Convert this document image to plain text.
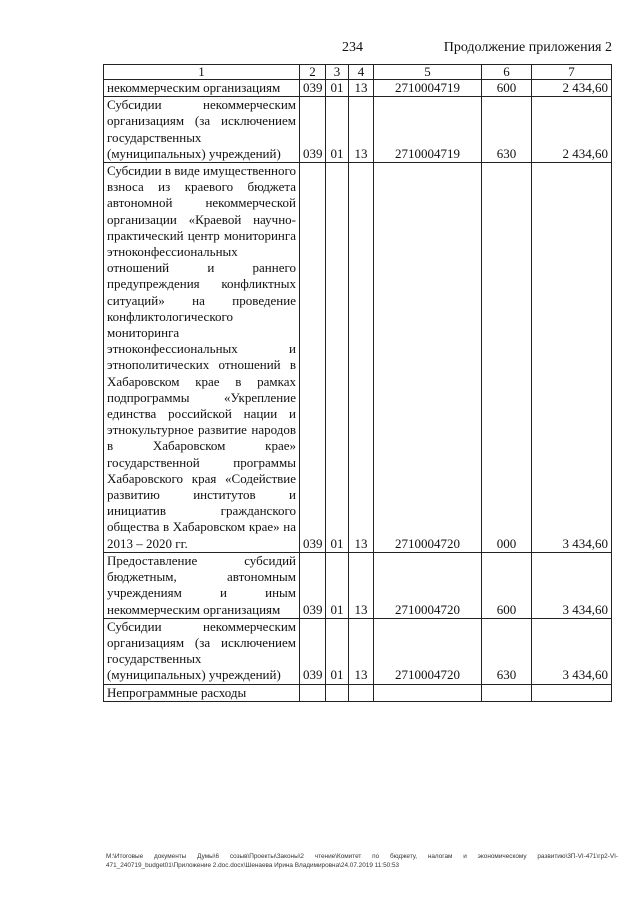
234	Продолжение приложения 2
1	2	3	4	5	6	7

некоммерческим организациям	039	01	13	2710004719	600	2 434,60

Субсидии некоммерческим организациям (за исключением государственных (муниципальных) учреждений)	039	01	13	2710004719	630	2 434,60

Субсидии в виде имущественного взноса из краевого бюджета автономной некоммерческой организации «Краевой научно-практический центр мониторинга этноконфессиональных отношений и раннего предупреждения конфликтных ситуаций» на проведение конфликтологического мониторинга этноконфессиональных и этнополитических отношений в Хабаровском крае в рамках подпрограммы «Укрепление единства российской нации и этнокультурное развитие народов в Хабаровском крае» государственной программы Хабаровского края «Содействие развитию институтов и инициатив гражданского общества в Хабаровском крае» на 2013 – 2020 гг.	039	01	13	2710004720	000	3 434,60

Предоставление субсидий бюджетным, автономным учреждениям и иным некоммерческим организациям	039	01	13	2710004720	600	3 434,60

Субсидии некоммерческим организациям (за исключением государственных (муниципальных) учреждений)	039	01	13	2710004720	630	3 434,60

Непрограммные расходы						

M:\Итоговые документы Думы\6 созыв\Проекты\Законы\2 чтение\Комитет по бюджету, налогам и экономическому развитию\3П-VI-471\гр2-VI-471_240719_budget01\Приложение 2.doc.docx\Шенаева Ирина Владимировна\24.07.2019 11:50:53
